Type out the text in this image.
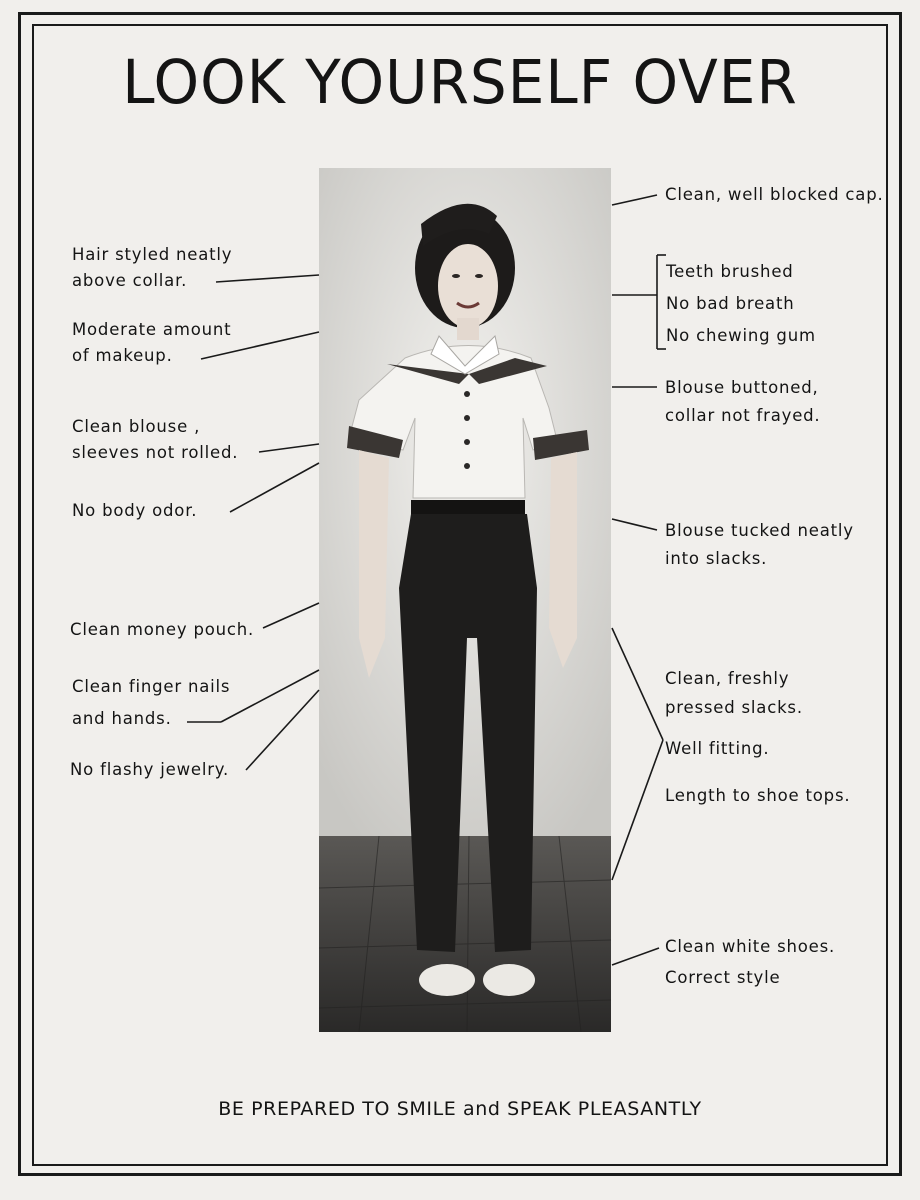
LOOK YOURSELF OVER
Hair styled neatly
above collar.
Moderate amount
of makeup.
Clean blouse ,
sleeves not rolled.
No body odor.
Clean money pouch.
Clean finger nails
and hands.
No flashy jewelry.
Clean, well blocked cap.
Teeth brushed
No bad breath
No chewing gum
Blouse buttoned,
collar not frayed.
Blouse tucked neatly
into slacks.
Clean, freshly
pressed slacks.
Well fitting.
Length to shoe tops.
Clean white shoes.
Correct style
BE PREPARED TO SMILE and SPEAK PLEASANTLY
